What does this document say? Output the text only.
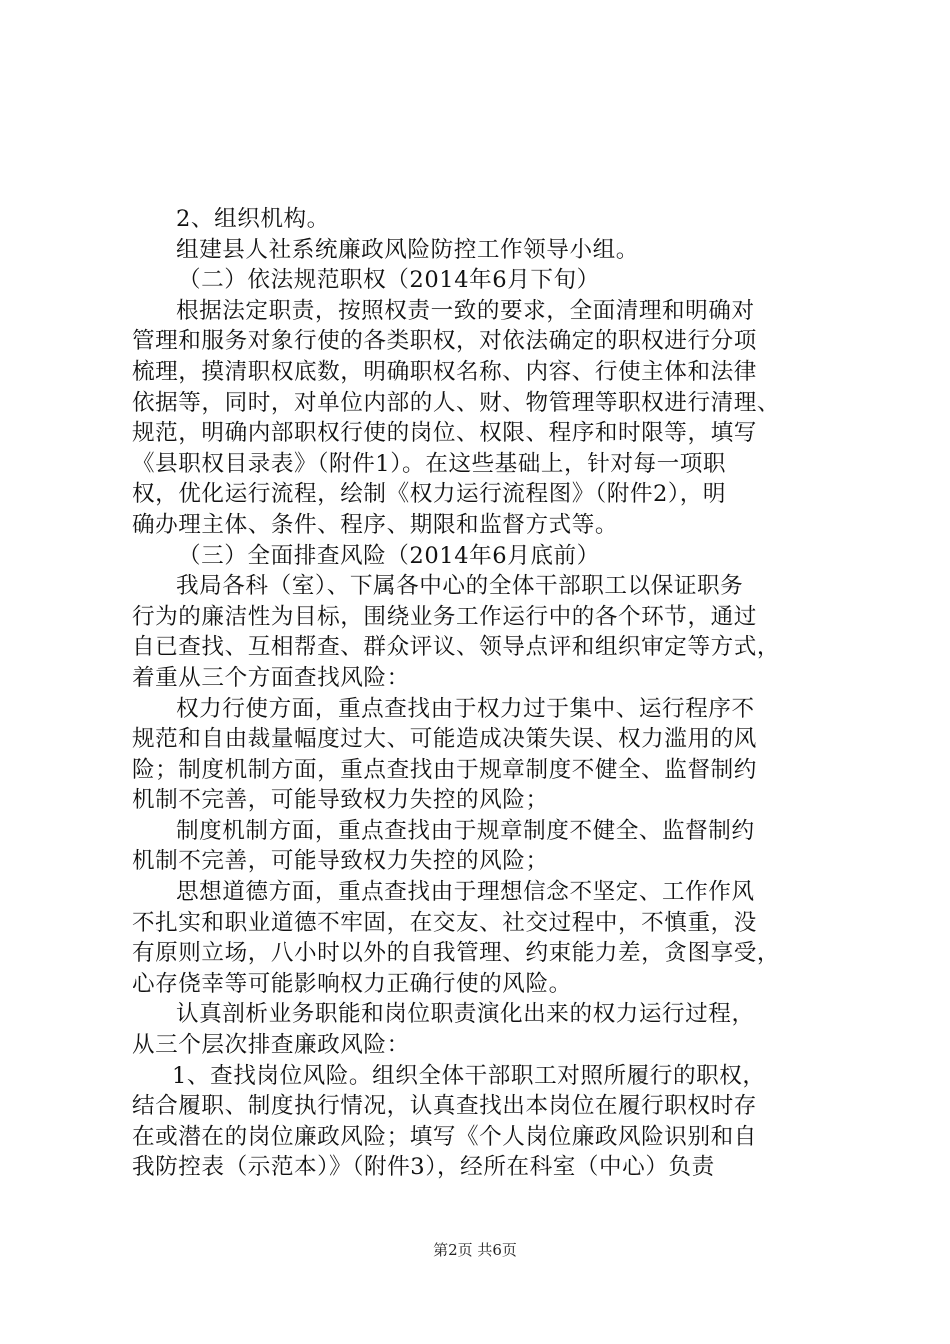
2、组织机构。
组建县人社系统廉政风险防控工作领导小组。
（二）依法规范职权（2014年6月下旬）
根据法定职责，按照权责一致的要求，全面清理和明确对
管理和服务对象行使的各类职权，对依法确定的职权进行分项
梳理，摸清职权底数，明确职权名称、内容、行使主体和法律
依据等，同时，对单位内部的人、财、物管理等职权进行清理、
规范，明确内部职权行使的岗位、权限、程序和时限等，填写
《县职权目录表》（附件1）。在这些基础上，针对每一项职
权，优化运行流程，绘制《权力运行流程图》（附件2），明
确办理主体、条件、程序、期限和监督方式等。
（三）全面排查风险（2014年6月底前）
我局各科（室）、下属各中心的全体干部职工以保证职务
行为的廉洁性为目标，围绕业务工作运行中的各个环节，通过
自已查找、互相帮查、群众评议、领导点评和组织审定等方式，
着重从三个方面查找风险：
权力行使方面，重点查找由于权力过于集中、运行程序不
规范和自由裁量幅度过大、可能造成决策失误、权力滥用的风
险；制度机制方面，重点查找由于规章制度不健全、监督制约
机制不完善，可能导致权力失控的风险；
制度机制方面，重点查找由于规章制度不健全、监督制约
机制不完善，可能导致权力失控的风险；
思想道德方面，重点查找由于理想信念不坚定、工作作风
不扎实和职业道德不牢固，在交友、社交过程中，不慎重，没
有原则立场，八小时以外的自我管理、约束能力差，贪图享受，
心存侥幸等可能影响权力正确行使的风险。
认真剖析业务职能和岗位职责演化出来的权力运行过程，
从三个层次排查廉政风险：
1、查找岗位风险。组织全体干部职工对照所履行的职权，
结合履职、制度执行情况，认真查找出本岗位在履行职权时存
在或潜在的岗位廉政风险；填写《个人岗位廉政风险识别和自
我防控表（示范本）》（附件3），经所在科室（中心）负责
第2页 共6页
